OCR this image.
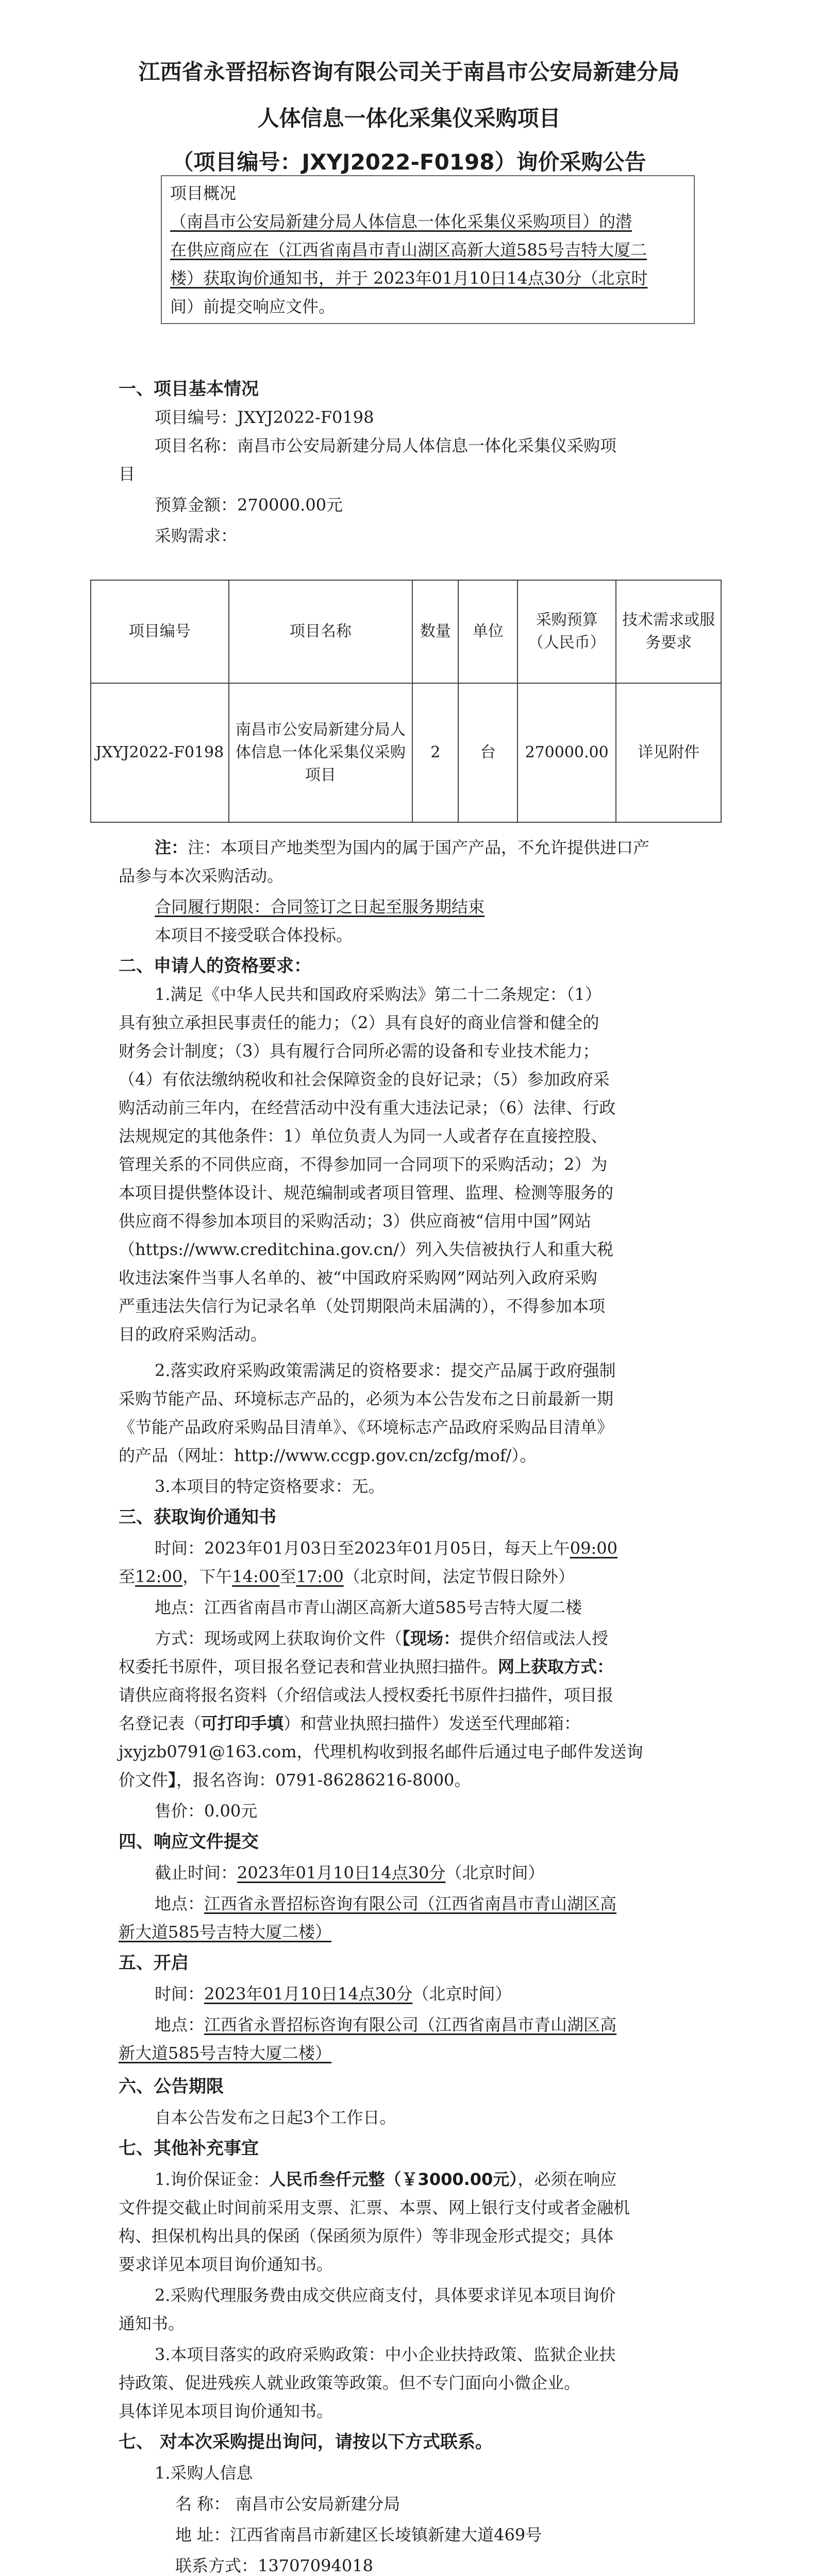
江西省永晋招标咨询有限公司关于南昌市公安局新建分局
人体信息一体化采集仪采购项目
（项目编号：JXYJ2022-F0198）询价采购公告
项目概况
（南昌市公安局新建分局人体信息一体化采集仪采购项目）的潜
在供应商应在（江西省南昌市青山湖区高新大道585号吉特大厦二
楼）获取询价通知书，并于 2023年01月10日14点30分（北京时
间）前提交响应文件。
一、项目基本情况
项目编号：JXYJ2022-F0198
项目名称：南昌市公安局新建分局人体信息一体化采集仪采购项
目
预算金额：270000.00元
采购需求：
项目编号	项目名称	数量	单位	采购预算（人民币）	技术需求或服务要求
JXYJ2022-F0198	南昌市公安局新建分局人体信息一体化采集仪采购项目	2	台	270000.00	详见附件
注：注：本项目产地类型为国内的属于国产产品，不允许提供进口产
品参与本次采购活动。
合同履行期限：合同签订之日起至服务期结束
本项目不接受联合体投标。
二、申请人的资格要求：
1.满足《中华人民共和国政府采购法》第二十二条规定：（1）
具有独立承担民事责任的能力；（2）具有良好的商业信誉和健全的
财务会计制度；（3）具有履行合同所必需的设备和专业技术能力；
（4）有依法缴纳税收和社会保障资金的良好记录；（5）参加政府采
购活动前三年内，在经营活动中没有重大违法记录；（6）法律、行政
法规规定的其他条件：1）单位负责人为同一人或者存在直接控股、
管理关系的不同供应商，不得参加同一合同项下的采购活动；2）为
本项目提供整体设计、规范编制或者项目管理、监理、检测等服务的
供应商不得参加本项目的采购活动；3）供应商被“信用中国”网站
（https://www.creditchina.gov.cn/）列入失信被执行人和重大税
收违法案件当事人名单的、被“中国政府采购网”网站列入政府采购
严重违法失信行为记录名单（处罚期限尚未届满的），不得参加本项
目的政府采购活动。
2.落实政府采购政策需满足的资格要求：提交产品属于政府强制
采购节能产品、环境标志产品的，必须为本公告发布之日前最新一期
《节能产品政府采购品目清单》、《环境标志产品政府采购品目清单》
的产品（网址：http://www.ccgp.gov.cn/zcfg/mof/）。
3.本项目的特定资格要求：无。
三、获取询价通知书
时间：2023年01月03日至2023年01月05日，每天上午09:00
至12:00，下午14:00至17:00（北京时间，法定节假日除外）
地点：江西省南昌市青山湖区高新大道585号吉特大厦二楼
方式：现场或网上获取询价文件（【现场：提供介绍信或法人授
权委托书原件，项目报名登记表和营业执照扫描件。网上获取方式：
请供应商将报名资料（介绍信或法人授权委托书原件扫描件，项目报
名登记表（可打印手填）和营业执照扫描件）发送至代理邮箱：
jxyjzb0791@163.com，代理机构收到报名邮件后通过电子邮件发送询
价文件】，报名咨询：0791-86286216-8000。
售价：0.00元
四、响应文件提交
截止时间：2023年01月10日14点30分（北京时间）
地点：江西省永晋招标咨询有限公司（江西省南昌市青山湖区高
新大道585号吉特大厦二楼）
五、开启
时间：2023年01月10日14点30分（北京时间）
地点：江西省永晋招标咨询有限公司（江西省南昌市青山湖区高
新大道585号吉特大厦二楼）
六、公告期限
自本公告发布之日起3个工作日。
七、其他补充事宜
1.询价保证金：人民币叁仟元整（￥3000.00元），必须在响应
文件提交截止时间前采用支票、汇票、本票、网上银行支付或者金融机
构、担保机构出具的保函（保函须为原件）等非现金形式提交；具体
要求详见本项目询价通知书。
2.采购代理服务费由成交供应商支付，具体要求详见本项目询价
通知书。
3.本项目落实的政府采购政策：中小企业扶持政策、监狱企业扶
持政策、促进残疾人就业政策等政策。但不专门面向小微企业。
具体详见本项目询价通知书。
七、 对本次采购提出询问，请按以下方式联系。
1.采购人信息
名 称： 南昌市公安局新建分局
地 址：江西省南昌市新建区长堎镇新建大道469号
联系方式：13707094018
